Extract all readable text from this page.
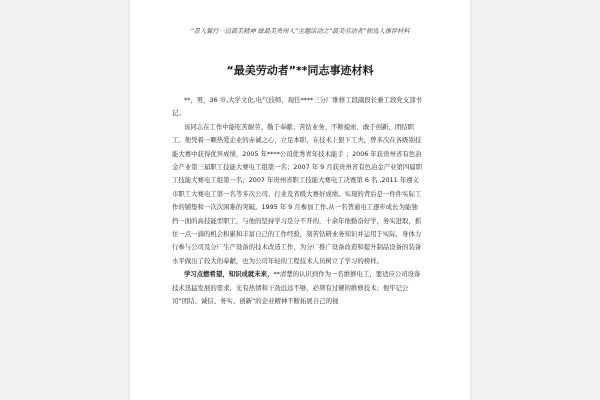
“景人翼行一迈最美精神 做最美贵州人”主题活动之“最美劳动者”候选人推荐材料
“最美劳动者”**同志事迹材料

**，男，36 岁,大学文化,电气技师，现任****三分厂维修工段副段长兼工段党支部书记。

该同志在工作中能吃苦耐劳、勤于奉献；苦钻业务、不断摸索、敢于创新、团结职工。他凭着一颗热爱企业的赤诚之心，立足本职，在技术上狠下工夫，曾多次在各级别技能大赛中获得优异成绩，2005 年****公司优秀青年技术能手 ；2006 年获贵州省有色冶金产业第三届职工技能大赛电工组第一名；2007 年 9 月获贵州省有色冶金产业第四届职工技能大赛电工组第一名；2007 年贵州省职工技能大赛电工决赛第 6 名 ,2011 年遵义市职工大赛电工第一名等多次公司、行业及省级大赛好成绩。实现的背后是一件件实际工作的铺垫和一次次困难的突破。1995 年 9 月参加工作,从一名普通电工逐步成长为能独挡一面的高技能型职工，与他的坚持学习是分不开的，十余年他勤奋好学，务实进取，抓住一点一滴的机会积累和丰富自己的工作经验，刻苦钻研业务知识并运用于实际，身体力行参与公司及分厂生产设备的技术改造工作，为分厂推广设备改造和提升制品设备的装备水平做出了较大的奉献，也为公司年轻的工程技术人员树立了学习的榜样。

学习点燃希望，知识成就未来，**清楚的认识到作为一名维修电工，要适应公司设备技术迅猛发展的需求，光有热情和干劲远远不够，必须有过硬的维修技术；他牢记公司“团结、诚信、务实、创新”的企业精神不断拓展自己的视
